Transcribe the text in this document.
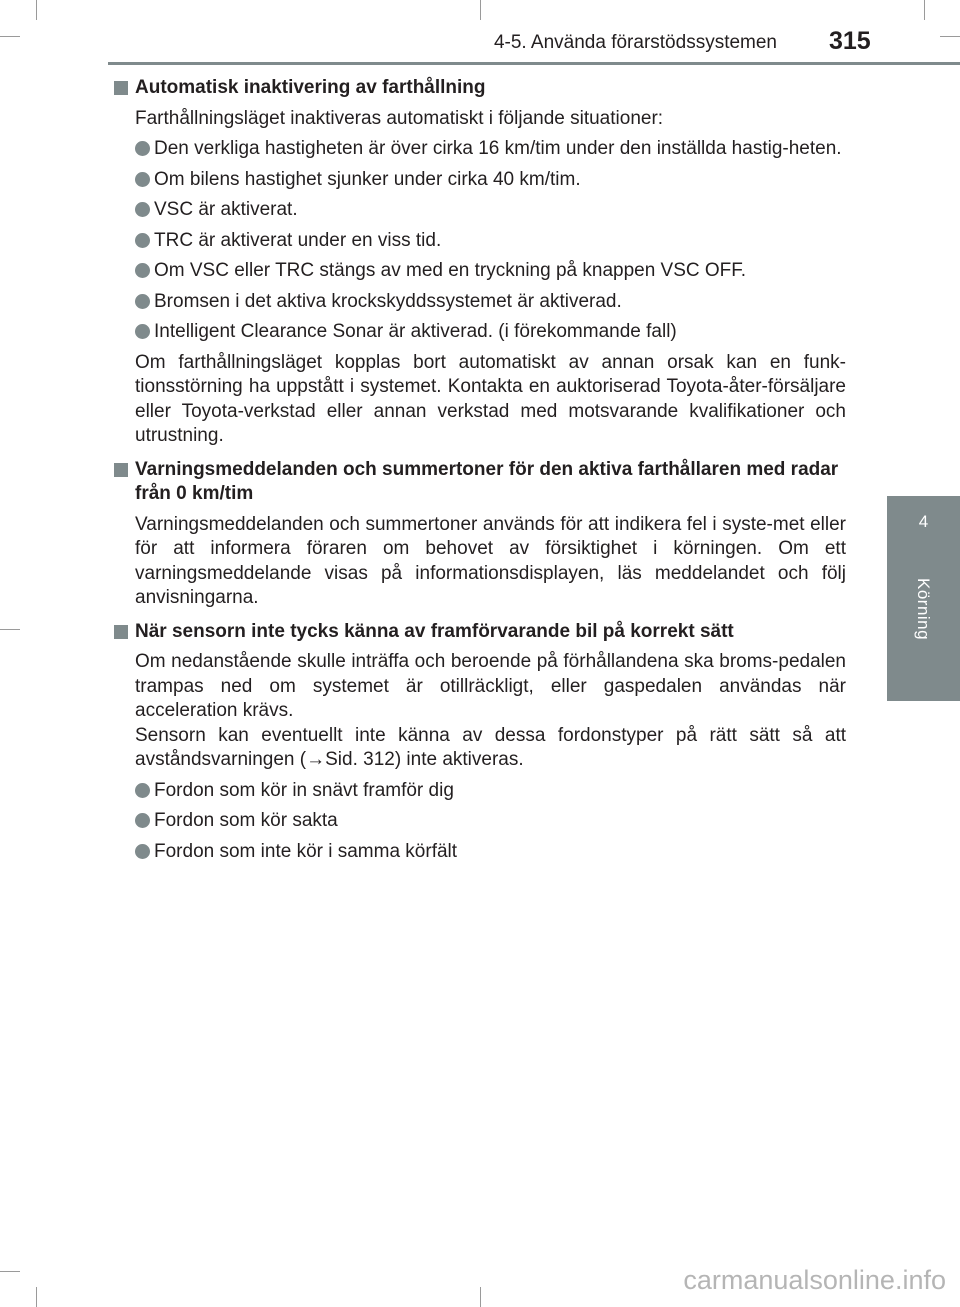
4-5. Använda förarstödssystemen 315
4
Körning

Automatisk inaktivering av farthållning

Farthållningsläget inaktiveras automatiskt i följande situationer:

Den verkliga hastigheten är över cirka 16 km/tim under den inställda hastig-heten.
Om bilens hastighet sjunker under cirka 40 km/tim.
VSC är aktiverat.
TRC är aktiverat under en viss tid.
Om VSC eller TRC stängs av med en tryckning på knappen VSC OFF.
Bromsen i det aktiva krockskyddssystemet är aktiverad.
Intelligent Clearance Sonar är aktiverad. (i förekommande fall)

Om farthållningsläget kopplas bort automatiskt av annan orsak kan en funk-tionsstörning ha uppstått i systemet. Kontakta en auktoriserad Toyota-åter-försäljare eller Toyota-verkstad eller annan verkstad med motsvarande kvalifikationer och utrustning.

Varningsmeddelanden och summertoner för den aktiva farthållaren med radar från 0 km/tim

Varningsmeddelanden och summertoner används för att indikera fel i syste-met eller för att informera föraren om behovet av försiktighet i körningen. Om ett varningsmeddelande visas på informationsdisplayen, läs meddelandet och följ anvisningarna.

När sensorn inte tycks känna av framförvarande bil på korrekt sätt

Om nedanstående skulle inträffa och beroende på förhållandena ska broms-pedalen trampas ned om systemet är otillräckligt, eller gaspedalen användas när acceleration krävs.
Sensorn kan eventuellt inte känna av dessa fordonstyper på rätt sätt så att avståndsvarningen (→Sid. 312) inte aktiveras.

Fordon som kör in snävt framför dig
Fordon som kör sakta
Fordon som inte kör i samma körfält
carmanualsonline.info
